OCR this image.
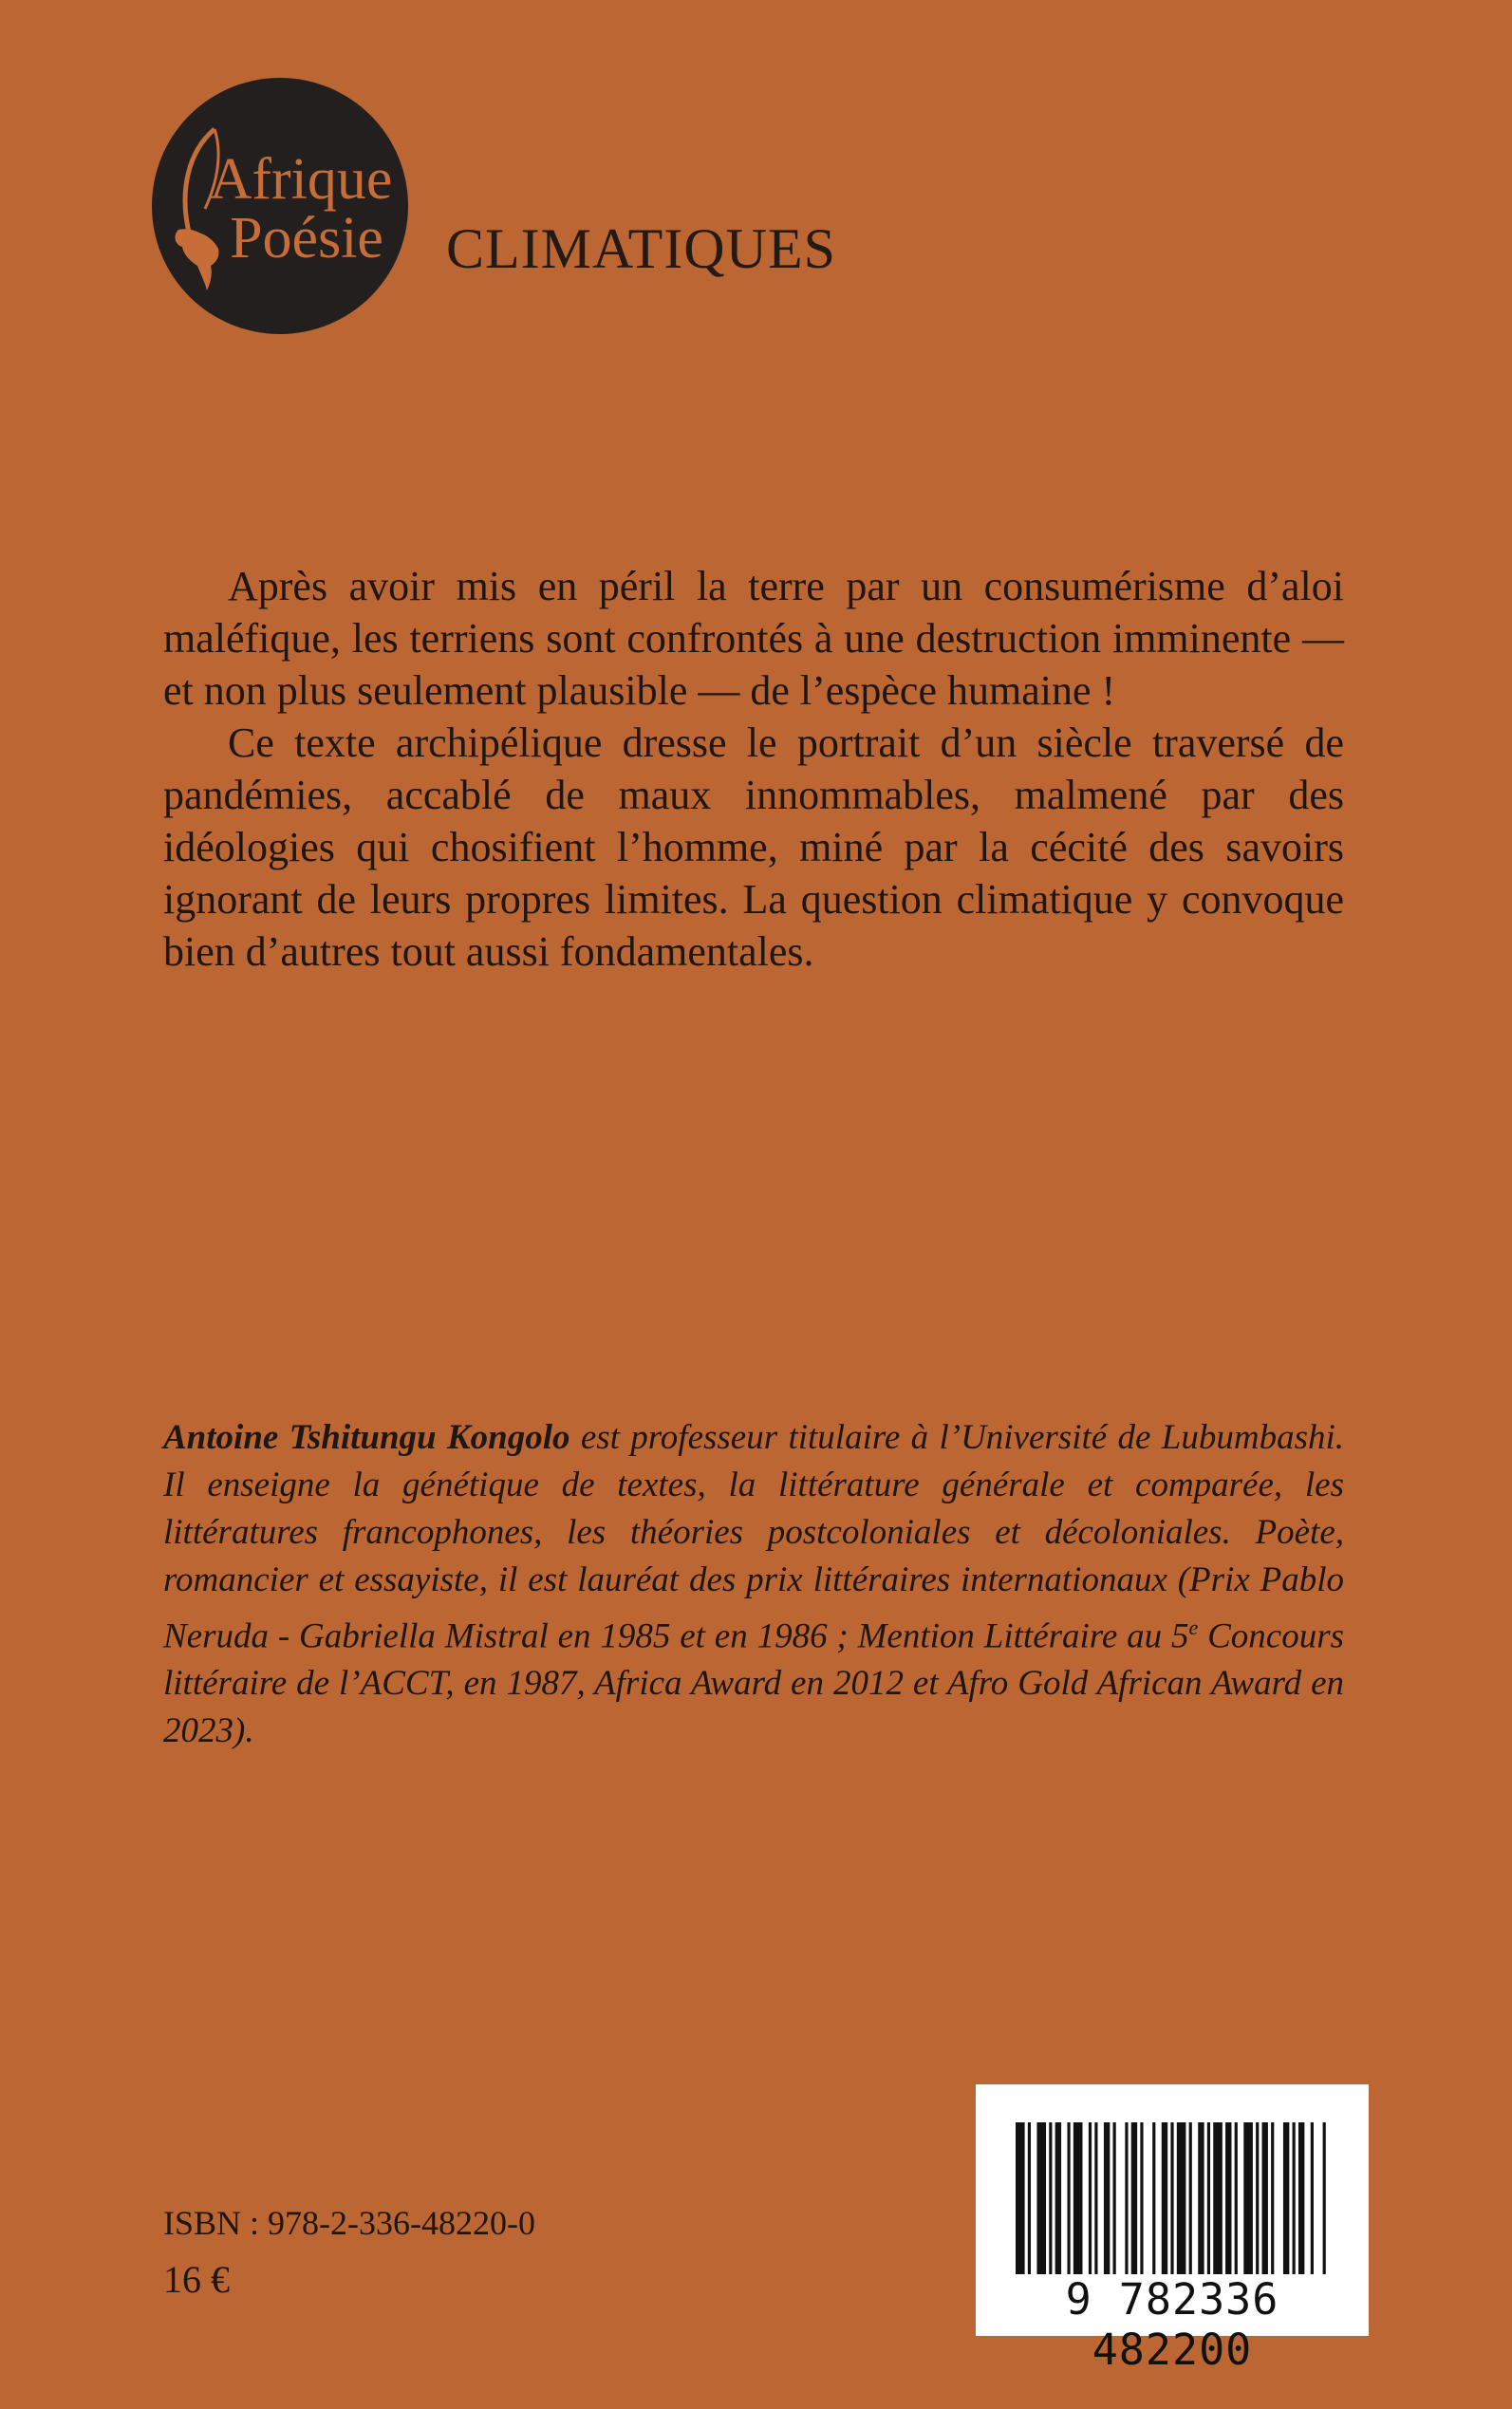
Afrique
Poésie climatiques

Après avoir mis en péril la terre par un consumérisme d’aloi maléfique, les terriens sont confrontés à une destruction imminente — et non plus seulement plausible — de l’espèce humaine !

Ce texte archipélique dresse le portrait d’un siècle traversé de pandémies, accablé de maux innommables, malmené par des idéologies qui chosifient l’homme, miné par la cécité des savoirs ignorant de leurs propres limites. La question climatique y convoque bien d’autres tout aussi fondamentales.

Antoine Tshitungu Kongolo est professeur titulaire à l’Université de Lubumbashi. Il enseigne la génétique de textes, la littérature générale et comparée, les littératures francophones, les théories postcoloniales et décoloniales. Poète, romancier et essayiste, il est lauréat des prix littéraires internationaux (Prix Pablo Neruda - Gabriella Mistral en 1985 et en 1986 ; Mention Littéraire au 5e Concours littéraire de l’ACCT, en 1987, Africa Award en 2012 et Afro Gold African Award en 2023).
ISBN : 978-2-336-48220-0
16 €	9 782336 482200
